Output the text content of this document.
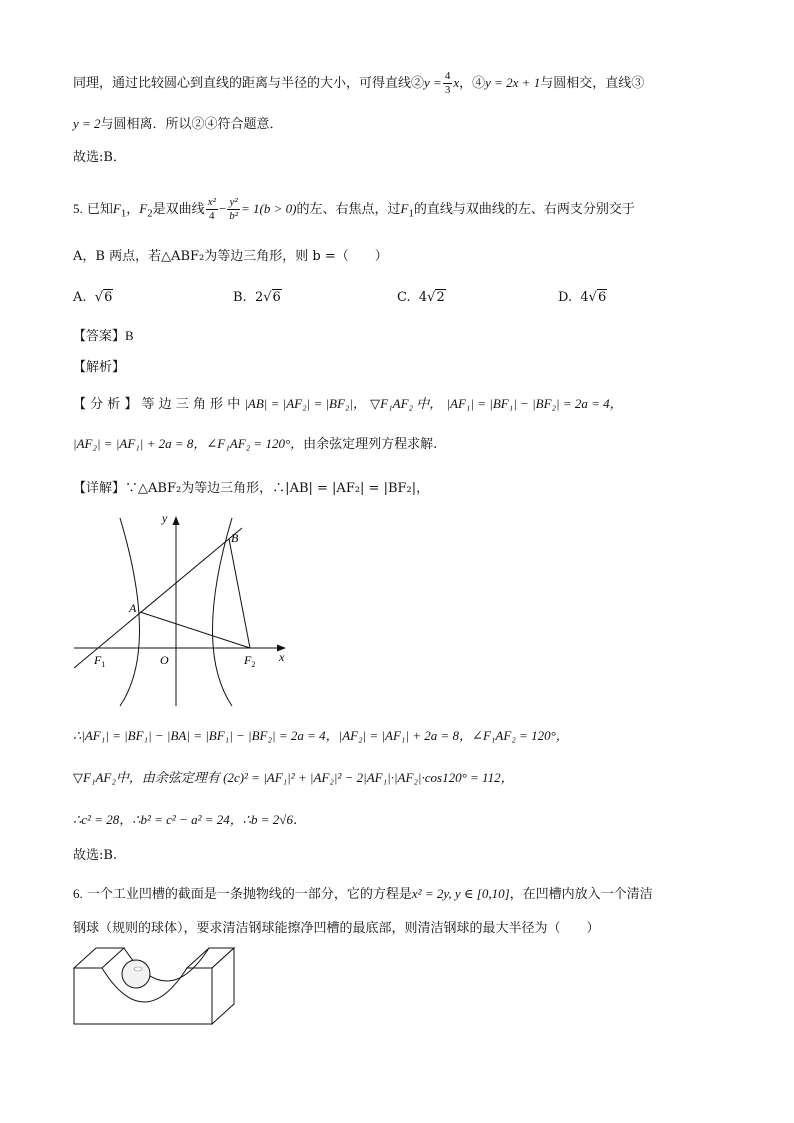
同理，通过比较圆心到直线的距离与半径的大小，可得直线②y = $\frac{4}{3}$ x，④y = 2x + 1与圆相交，直线③
y = 2与圆相离．所以②④符合题意．
故选:B．
5. 已知$F_1$，$F_2$是双曲线 $\frac{\text{x²}}{4} - \frac{\text{y²}}{\text{b²}} = 1(b > 0)$的左、右焦点，过$F_1$的直线与双曲线的左、右两支分别交于
A，B 两点，若△ABF₂为等边三角形，则 b =（　　）
A. √6	B. 2√6	C. 4√2	D. 4√6
【答案】B
【解析】
【 分 析 】 等 边 三 角 形 中 |AB| = |AF₂| = |BF₂|， ▽F₁AF₂ 中， |AF₁| = |BF₁| − |BF₂| = 2a = 4，
|AF₂| = |AF₁| + 2a = 8，∠F₁AF₂ = 120°，由余弦定理列方程求解.
【详解】∵△ABF₂为等边三角形，∴|AB| = |AF₂| = |BF₂|，
y
x
B
A
O
$F_1$	$F_2$
∴|AF₁| = |BF₁| − |BA| = |BF₁| − |BF₂| = 2a = 4，|AF₂| = |AF₁| + 2a = 8，∠F₁AF₂ = 120°，
▽F₁AF₂中，由余弦定理有 (2c)² = |AF₁|² + |AF₂|² − 2|AF₁|·|AF₂|·cos120° = 112，
∴c² = 28，∴b² = c² − a² = 24，∴b = 2√6．
故选:B.
6. 一个工业凹槽的截面是一条抛物线的一部分，它的方程是x² = 2y, y ∈ [0,10]，在凹槽内放入一个清洁
钢球（规则的球体），要求清洁钢球能擦净凹槽的最底部，则清洁钢球的最大半径为（　　）
